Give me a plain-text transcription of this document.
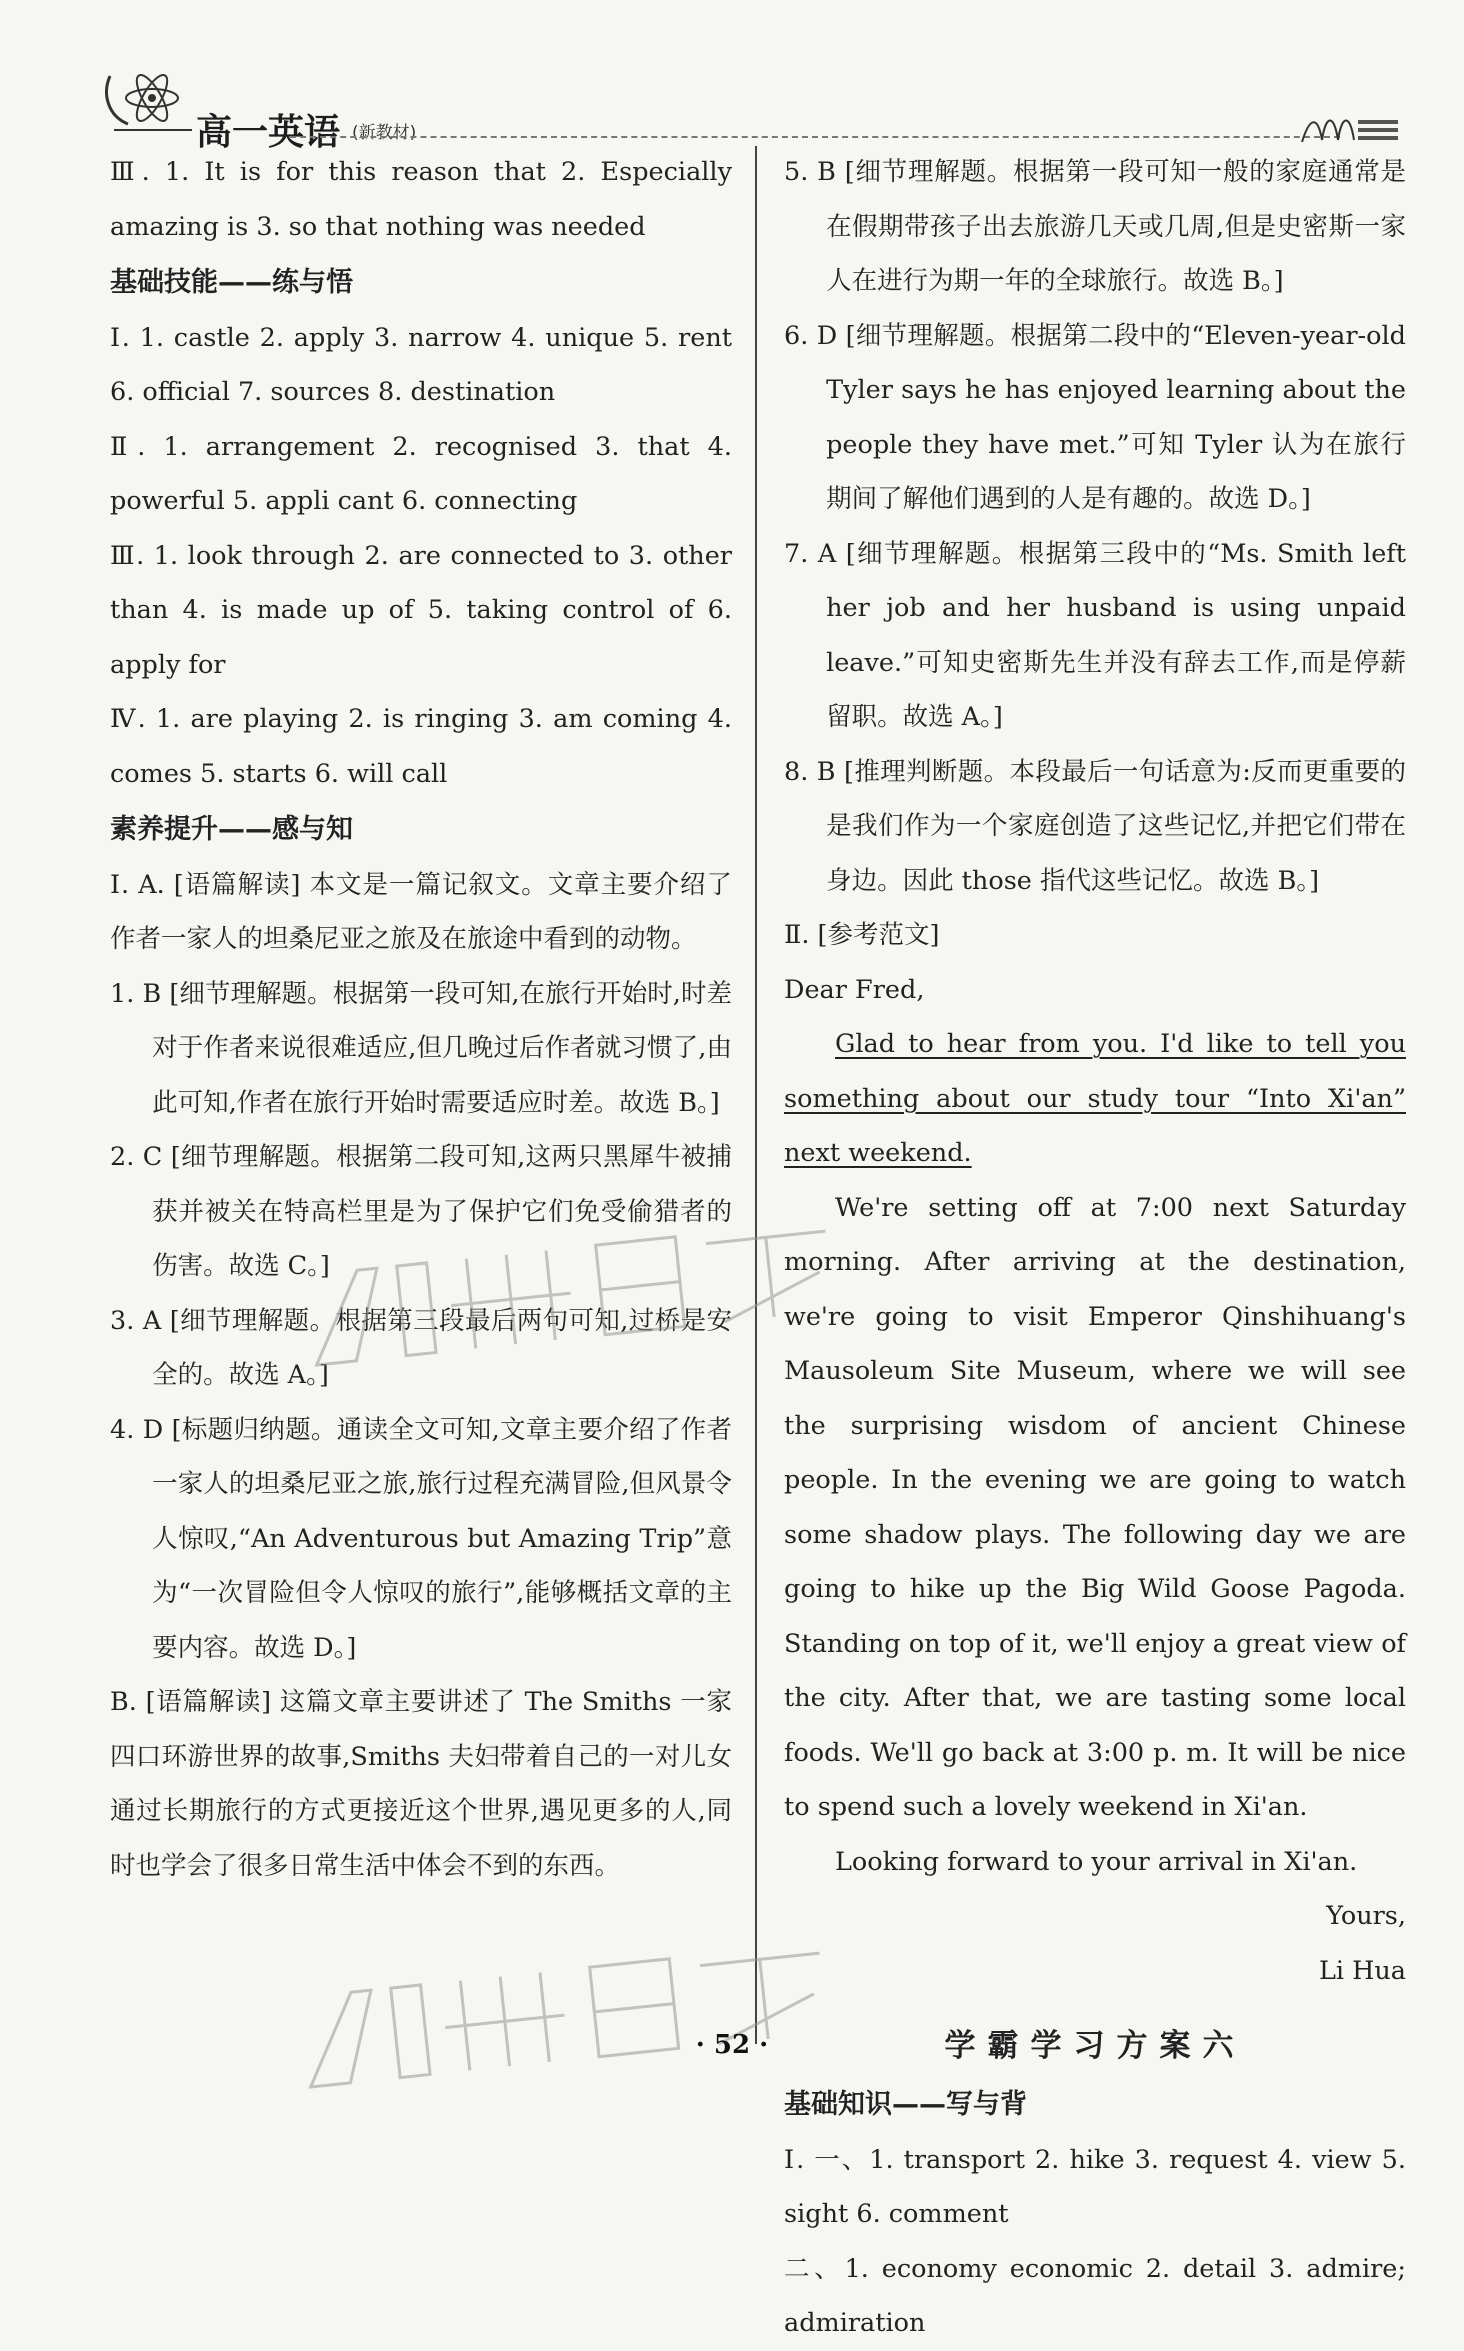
高一英语 (新教材)

Ⅲ. 1. It is for this reason that 2. Especially amazing is 3. so that nothing was needed

基础技能——练与悟

Ⅰ. 1. castle 2. apply 3. narrow 4. unique 5. rent 6. official 7. sources 8. destination

Ⅱ. 1. arrangement 2. recognised 3. that 4. powerful 5. appli cant 6. connecting

Ⅲ. 1. look through 2. are connected to 3. other than 4. is made up of 5. taking control of 6. apply for

Ⅳ. 1. are playing 2. is ringing 3. am coming 4. comes 5. starts 6. will call

素养提升——感与知

Ⅰ. A. [语篇解读] 本文是一篇记叙文。文章主要介绍了作者一家人的坦桑尼亚之旅及在旅途中看到的动物。

1. B [细节理解题。根据第一段可知,在旅行开始时,时差对于作者来说很难适应,但几晚过后作者就习惯了,由此可知,作者在旅行开始时需要适应时差。故选 B。]

2. C [细节理解题。根据第二段可知,这两只黑犀牛被捕获并被关在特高栏里是为了保护它们免受偷猎者的伤害。故选 C。]

3. A [细节理解题。根据第三段最后两句可知,过桥是安全的。故选 A。]

4. D [标题归纳题。通读全文可知,文章主要介绍了作者一家人的坦桑尼亚之旅,旅行过程充满冒险,但风景令人惊叹,“An Adventurous but Amazing Trip”意为“一次冒险但令人惊叹的旅行”,能够概括文章的主要内容。故选 D。]

B. [语篇解读] 这篇文章主要讲述了 The Smiths 一家四口环游世界的故事,Smiths 夫妇带着自己的一对儿女通过长期旅行的方式更接近这个世界,遇见更多的人,同时也学会了很多日常生活中体会不到的东西。

5. B [细节理解题。根据第一段可知一般的家庭通常是在假期带孩子出去旅游几天或几周,但是史密斯一家人在进行为期一年的全球旅行。故选 B。]

6. D [细节理解题。根据第二段中的“Eleven-year-old Tyler says he has enjoyed learning about the people they have met.”可知 Tyler 认为在旅行期间了解他们遇到的人是有趣的。故选 D。]

7. A [细节理解题。根据第三段中的“Ms. Smith left her job and her husband is using unpaid leave.”可知史密斯先生并没有辞去工作,而是停薪留职。故选 A。]

8. B [推理判断题。本段最后一句话意为:反而更重要的是我们作为一个家庭创造了这些记忆,并把它们带在身边。因此 those 指代这些记忆。故选 B。]

Ⅱ. [参考范文]

Dear Fred,

Glad to hear from you. I'd like to tell you something about our study tour “Into Xi'an” next weekend.

We're setting off at 7:00 next Saturday morning. After arriving at the destination, we're going to visit Emperor Qinshihuang's Mausoleum Site Museum, where we will see the surprising wisdom of ancient Chinese people. In the evening we are going to watch some shadow plays. The following day we are going to hike up the Big Wild Goose Pagoda. Standing on top of it, we'll enjoy a great view of the city. After that, we are tasting some local foods. We'll go back at 3:00 p. m. It will be nice to spend such a lovely weekend in Xi'an.

Looking forward to your arrival in Xi'an.

Yours,

Li Hua

学霸学习方案六
基础知识——写与背

Ⅰ. 一、1. transport 2. hike 3. request 4. view 5. sight 6. comment

二、1. economy economic 2. detail 3. admire; admiration

· 52 ·
